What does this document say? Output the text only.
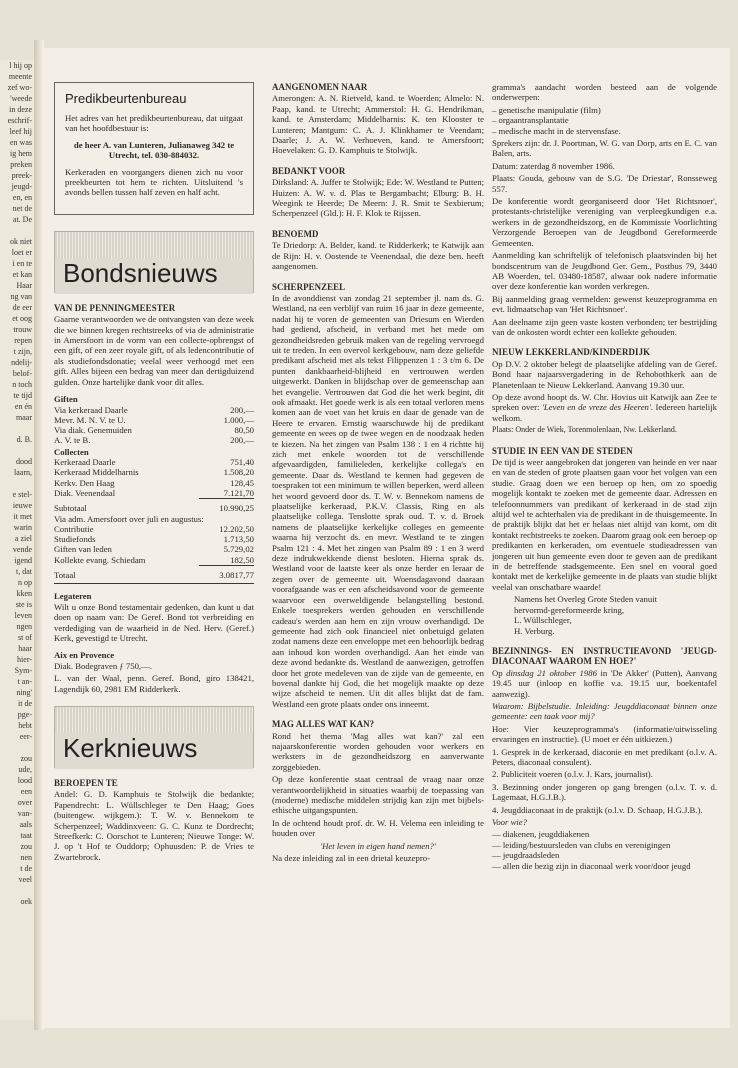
l hij op
meente
zef wo-
'weede
in deze
eschrif-
leef hij
en was
ig hem
preken
preek-
jeugd-
en, en
net de
at. De

ok niet
loet er
i en te
et kan
Haar
ng van
de eer
et oog
trouw
repen
t zijn,
ndelij-
belof-
n toch
te tijd
en én
maar

d. B.

dood
laarn,

e stel-
ieuwe
it met
warin
a ziel
vende
igend
t, dat
n op
kken
ste is
leven
ngen
st of
haar
hier-
Sym-
t an-
ning'
it de
pge-
hebt
eer-

zou
ude,
lood
een
over
van-
aals
taat
zou
nen
t de
veel

oek
Predikbeurtenbureau

Het adres van het predikbeurtenbureau, dat uitgaat van het hoofdbestuur is:

de heer A. van Lunteren, Julianaweg 342 te Utrecht, tel. 030-884032.

Kerkeraden en voorgangers dienen zich nu voor preekbeurten tot hem te richten. Uitsluitend 's avonds bellen tussen half zeven en half acht.

Bondsnieuws
VAN DE PENNINGMEESTER

Gaarne verantwoorden we de ontvangsten van deze week die we binnen kregen rechtstreeks of via de administratie in Amersfoort in de vorm van een collecte-opbrengst of een gift, of een zeer royale gift, of als ledencontributie of als studiefondsdonatie; veelal weer verhoogd met een gift. Alles bijeen een bedrag van meer dan dertigduizend gulden. Onze hartelijke dank voor dit alles.

Giften
Via kerkeraad Daarle	200,—
Mevr. M. N. V. te U.	1.000,—
Via diak. Genemuiden	80,50
A. V. te B.	200,—
Collecten
Kerkeraad Daarle	751,40
Kerkeraad Middelharnis	1.508,20
Kerkv. Den Haag	128,45
Diak. Veenendaal	7.121,70
Subtotaal	10.990,25
Via adm. Amersfoort over juli en augustus:	
Contributie	12.202,50
Studiefonds	1.713,50
Giften van leden	5.729,02
Kollekte evang. Schiedam	182,50
Totaal	3.0817,77
Legateren

Wilt u onze Bond testamentair gedenken, dan kunt u dat doen op naam van: De Geref. Bond tot verbreiding en verdediging van de waarheid in de Ned. Herv. (Geref.) Kerk, gevestigd te Utrecht.

Aix en Provence

Diak. Bodegraven ƒ 750,—.

L. van der Waal, penn. Geref. Bond, giro 138421, Lagendijk 60, 2981 EM Ridderkerk.

Kerknieuws
BEROEPEN TE

Andel: G. D. Kamphuis te Stolwijk die bedankte; Papendrecht: L. Wüllschleger te Den Haag; Goes (buitengew. wijkgem.): T. W. v. Bennekom te Scherpenzeel; Waddinxveen: G. C. Kunz te Dordrecht; Streefkerk: C. Oorschot te Lunteren; Nieuwe Tonge: W. J. op 't Hof te Ouddorp; Ophuusden: P. de Vries te Zwartebrock.

AANGENOMEN NAAR

Amerongen: A. N. Rietveld, kand. te Woerden; Almelo: N. Paap, kand. te Utrecht; Ammerstol: H. G. Hendrikman, kand. te Amsterdam; Middelharnis: K. ten Klooster te Lunteren; Mantgum: C. A. J. Klinkhamer te Veendam; Daarle; J. A. W. Verhoeven, kand. te Amersfoort; Hoevelaken: G. D. Kamphuis te Stolwijk.

BEDANKT VOOR

Dirksland: A. Juffer te Stolwijk; Ede: W. Westland te Putten; Huizen: A. W. v. d. Plas te Bergambacht; Elburg: B. H. Weegink te Heerde; De Meern: J. R. Smit te Sexbierum; Scherpenzeel (Gld.): H. F. Klok te Rijssen.

BENOEMD

Te Driedorp: A. Belder, kand. te Ridderkerk; te Katwijk aan de Rijn: H. v. Oostende te Veenendaal, die deze ben. heeft aangenomen.

SCHERPENZEEL

In de avonddienst van zondag 21 september jl. nam ds. G. Westland, na een verblijf van ruim 16 jaar in deze gemeente, nadat hij te voren de gemeenten van Driesum en Wierden had gediend, afscheid, in verband met het mede om gezondheidsreden gebruik maken van de regeling vervroegd uit te treden. In een overvol kerkgebouw, nam deze geliefde predikant afscheid met als tekst Filippenzen 1 : 3 t/m 6. De punten dankbaarheid-blijheid en vertrouwen werden uitgewerkt. Danken in blijdschap over de gemeenschap aan het evangelie. Vertrouwen dat God die het werk begint, dit ook afmaakt. Het goede werk is als een totaal verloren mens komen aan de voet van het kruis en daar de genade van de Heere te ervaren. Ernstig waarschuwde hij de predikant gemeente en wees op de twee wegen en de noodzaak heden te kiezen. Na het zingen van Psalm 138 : 1 en 4 richtte hij zich met enkele woorden tot de verschillende afgevaardigden, familieleden, kerkelijke collega's en gemeente. Daar ds. Westland te kennen had gegeven de toespraken tot een minimum te willen beperken, werd alleen het woord gevoerd door ds. T. W. v. Bennekom namens de plaatselijke kerkeraad, P.K.V. Classis, Ring en als plaatselijke collega. Tenslotte sprak oud. T. v. d. Broek namens de plaatselijke kerkelijke colleges en gemeente waarna hij verzocht ds. en mevr. Westland te te zingen Psalm 121 : 4. Met het zingen van Psalm 89 : 1 en 3 werd deze indrukwekkende dienst besloten. Hierna sprak ds. Westland voor de laatste keer als onze herder en leraar de zegen over de gemeente uit. Woensdagavond daaraan voorafgaande was er een afscheidsavond voor de gemeente waarvoor een overweldigende belangstelling bestond. Enkele toesprekers werden gehouden en verschillende cadeau's werden aan hem en zijn vrouw overhandigd. De gemeente had zich ook financieel niet onbetuigd gelaten zodat namens deze een enveloppe met een behoorlijk bedrag aan inhoud kon worden overhandigd. Aan het einde van deze avond bedankte ds. Westland de aanwezigen, getroffen door het grote medeleven van de zijde van de gemeente, en bovenal dankte hij God, die het mogelijk maakte op deze wijze afscheid te nemen. Uit dit alles blijkt dat de fam. Westland een grote plaats onder ons inneemt.

MAG ALLES WAT KAN?

Rond het thema 'Mag alles wat kan?' zal een najaarskonferentie worden gehouden voor werkers en werksters in de gezondheidszorg en aanverwante zorggebieden.

Op deze konferentie staat centraal de vraag naar onze verantwoordelijkheid in situaties waarbij de toepassing van (moderne) medische middelen strijdig kan zijn met bijbels-ethische uitgangspunten.

In de ochtend houdt prof. dr. W. H. Velema een inleiding te houden over

'Het leven in eigen hand nemen?'

Na deze inleiding zal in een drietal keuzepro-

gramma's aandacht worden besteed aan de volgende onderwerpen:

– genetische manipulatie (film)

– orgaantransplantatie

– medische macht in de stervensfase.

Sprekers zijn: dr. J. Poortman, W. G. van Dorp, arts en E. C. van Balen, arts.

Datum: zaterdag 8 november 1986.

Plaats: Gouda, gebouw van de S.G. 'De Driestar', Ronsseweg 557.

De konferentie wordt georganiseerd door 'Het Richtsnoer', protestants-christelijke vereniging van verpleegkundigen e.a. werkers in de gezondheidszorg, en de Kommissie Voorlichting Verzorgende Beroepen van de Jeugdbond Gereformeerde Gemeenten.

Aanmelding kan schriftelijk of telefonisch plaatsvinden bij het bondscentrum van de Jeugdbond Ger. Gem., Postbus 79, 3440 AB Woerden, tel. 03480-18587, alwaar ook nadere informatie over deze konferentie kan worden verkregen.

Bij aanmelding graag vermelden: gewenst keuzeprogramma en evt. lidmaatschap van 'Het Richtsnoer'.

Aan deelname zijn geen vaste kosten verbonden; ter bestrijding van de onkosten wordt echter een kollekte gehouden.

NIEUW LEKKERLAND/KINDERDIJK

Op D.V. 2 oktober belegt de plaatselijke afdeling van de Geref. Bond haar najaarsvergadering in de Rehobothkerk aan de Planetenlaan te Nieuw Lekkerland. Aanvang 19.30 uur.

Op deze avond hoopt ds. W. Chr. Hovius uit Katwijk aan Zee te spreken over: 'Leven en de vreze des Heeren'. Iedereen hartelijk welkom.

Plaats: Onder de Wiek, Torenmolenlaan, Nw. Lekkerland.

STUDIE IN EEN VAN DE STEDEN

De tijd is weer aangebroken dat jongeren van heinde en ver naar en van de steden of grote plaatsen gaan voor het volgen van een studie. Graag doen we een beroep op hen, om zo spoedig mogelijk kontakt te zoeken met de gemeente daar. Adressen en telefoonnummers van predikant of kerkeraad in de stad zijn altijd wel te achterhalen via de predikant in de thuisgemeente. In de praktijk blijkt dat het er helaas niet altijd van komt, om dit kontakt rechtstreeks te zoeken. Daarom graag ook een beroep op predikanten en kerkeraden, om eventuele studieadressen van jongeren uit hun gemeente even door te geven aan de predikant in de betreffende stadsgemeente. Een snel en vooral goed kontakt met de kerkelijke gemeente in de plaats van studie blijkt veelal van onschatbare waarde!

Namens het Overleg Grote Steden vanuit

hervormd-gereformeerde kring,

L. Wüllschleger,

H. Verburg.

BEZINNINGS- EN INSTRUCTIEAVOND 'JEUGD-DIACONAAT WAAROM EN HOE?'

Op dinsdag 21 oktober 1986 in 'De Akker' (Putten), Aanvang 19.45 uur (inloop en koffie v.a. 19.15 uur, boekentafel aanwezig).

Waarom: Bijbelstudie. Inleiding: Jeugddiaconaat binnen onze gemeente: een taak voor mij?

Hoe: Vier keuzeprogramma's (informatie/uitwisseling ervaringen en instructie). (U moet er één uitkiezen.)

1. Gesprek in de kerkeraad, diaconie en met predikant (o.l.v. A. Peters, diaconaal consulent).

2. Publiciteit voeren (o.l.v. J. Kars, journalist).

3. Bezinning onder jongeren op gang brengen (o.l.v. T. v. d. Lagemaat, H.G.J.B.).

4. Jeugddiaconaat in de praktijk (o.l.v. D. Schaap, H.G.J.B.).

Voor wie?

— diakenen, jeugddiakenen

— leiding/bestuursleden van clubs en verenigingen

— jeugdraadsleden

— allen die bezig zijn in diaconaal werk voor/door jeugd
